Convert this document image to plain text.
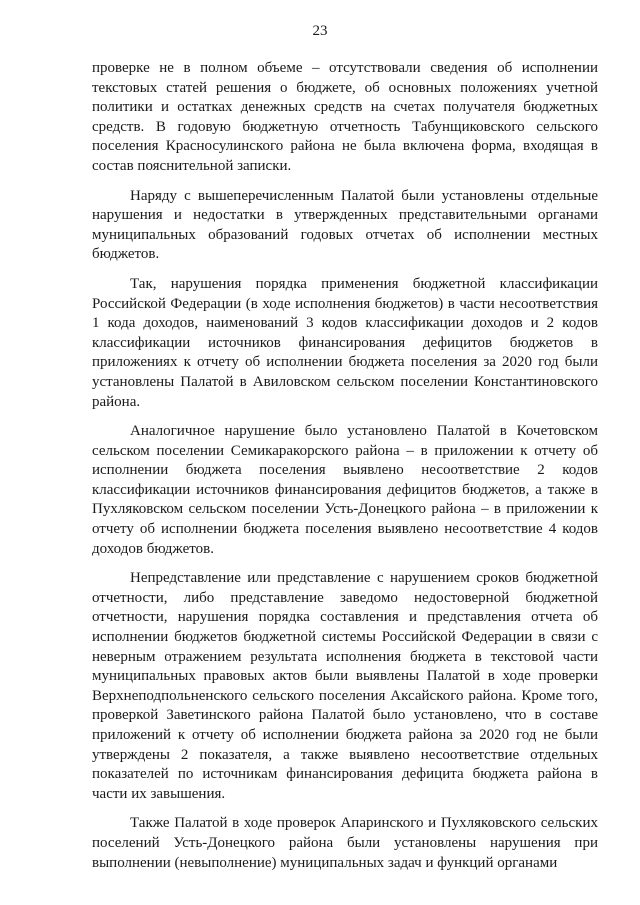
23

проверке не в полном объеме – отсутствовали сведения об исполнении текстовых статей решения о бюджете, об основных положениях учетной политики и остатках денежных средств на счетах получателя бюджетных средств. В годовую бюджетную отчетность Табунщиковского сельского поселения Красносулинского района не была включена форма, входящая в состав пояснительной записки.

Наряду с вышеперечисленным Палатой были установлены отдельные нарушения и недостатки в утвержденных представительными органами муниципальных образований годовых отчетах об исполнении местных бюджетов.

Так, нарушения порядка применения бюджетной классификации Российской Федерации (в ходе исполнения бюджетов) в части несоответствия 1 кода доходов, наименований 3 кодов классификации доходов и 2 кодов классификации источников финансирования дефицитов бюджетов в приложениях к отчету об исполнении бюджета поселения за 2020 год были установлены Палатой в Авиловском сельском поселении Константиновского района.

Аналогичное нарушение было установлено Палатой в Кочетовском сельском поселении Семикаракорского района – в приложении к отчету об исполнении бюджета поселения выявлено несоответствие 2 кодов классификации источников финансирования дефицитов бюджетов, а также в Пухляковском сельском поселении Усть-Донецкого района – в приложении к отчету об исполнении бюджета поселения выявлено несоответствие 4 кодов доходов бюджетов.

Непредставление или представление с нарушением сроков бюджетной отчетности, либо представление заведомо недостоверной бюджетной отчетности, нарушения порядка составления и представления отчета об исполнении бюджетов бюджетной системы Российской Федерации в связи с неверным отражением результата исполнения бюджета в текстовой части муниципальных правовых актов были выявлены Палатой в ходе проверки Верхнеподпольненского сельского поселения Аксайского района. Кроме того, проверкой Заветинского района Палатой было установлено, что в составе приложений к отчету об исполнении бюджета района за 2020 год не были утверждены 2 показателя, а также выявлено несоответствие отдельных показателей по источникам финансирования дефицита бюджета района в части их завышения.

Также Палатой в ходе проверок Апаринского и Пухляковского сельских поселений Усть-Донецкого района были установлены нарушения при выполнении (невыполнение) муниципальных задач и функций органами
